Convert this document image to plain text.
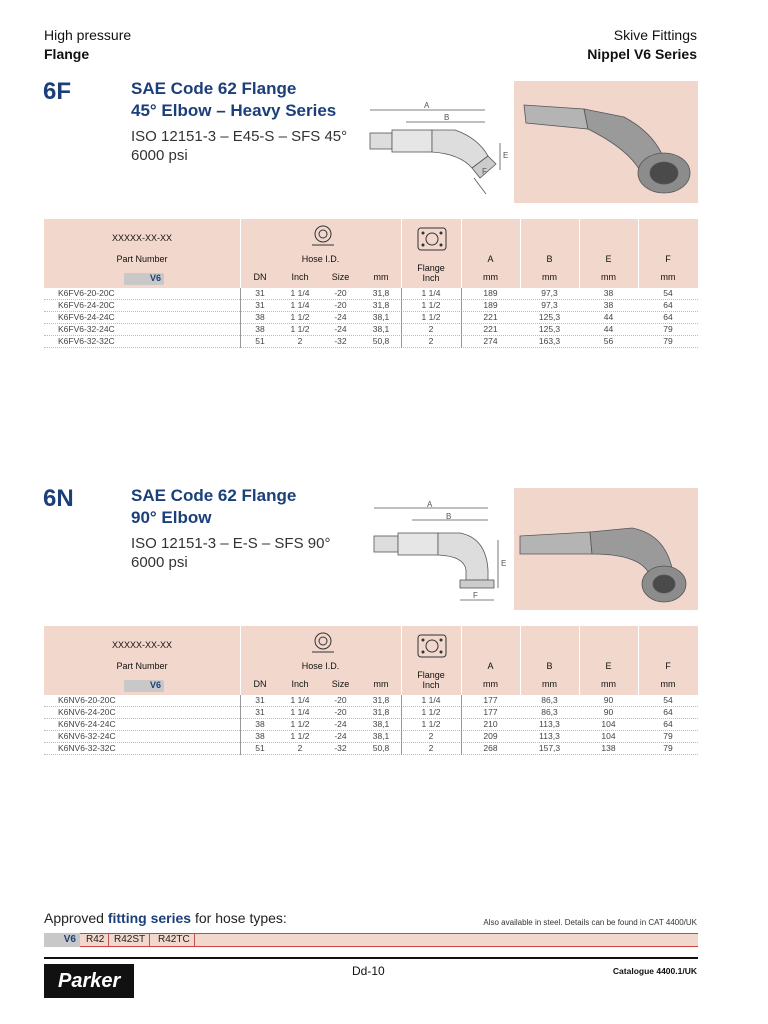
High pressure
Flange
Skive Fittings
Nippel V6 Series
6F	SAE Code 62 Flange
45° Elbow – Heavy Series
ISO 12151-3 – E45-S – SFS 45°
6000 psi
A
B
E
F
XXXXX-XX-XX
Part Number
V6
Hose I.D.
DN	Inch	Size	mm
Flange
Inch
A	B	E	F
mm	mm	mm	mm
K6FV6-20-20C	31	1 1/4	-20	31,8	1 1/4	189	97,3	38	54
K6FV6-24-20C	31	1 1/4	-20	31,8	1 1/2	189	97,3	38	64
K6FV6-24-24C	38	1 1/2	-24	38,1	1 1/2	221	125,3	44	64
K6FV6-32-24C	38	1 1/2	-24	38,1	2	221	125,3	44	79
K6FV6-32-32C	51	2	-32	50,8	2	274	163,3	56	79
6N	SAE Code 62 Flange
90° Elbow
ISO 12151-3 – E-S – SFS 90°
6000 psi
A
B
E
F
XXXXX-XX-XX
Part Number
V6
Hose I.D.
DN	Inch	Size	mm
Flange
Inch
A	B	E	F
mm	mm	mm	mm
K6NV6-20-20C	31	1 1/4	-20	31,8	1 1/4	177	86,3	90	54
K6NV6-24-20C	31	1 1/4	-20	31,8	1 1/2	177	86,3	90	64
K6NV6-24-24C	38	1 1/2	-24	38,1	1 1/2	210	113,3	104	64
K6NV6-32-24C	38	1 1/2	-24	38,1	2	209	113,3	104	79
K6NV6-32-32C	51	2	-32	50,8	2	268	157,3	138	79
Approved fitting series for hose types:	Also available in steel. Details can be found in CAT 4400/UK
V6	R42 R42ST	R42TC
Parker	Dd-10	Catalogue 4400.1/UK
